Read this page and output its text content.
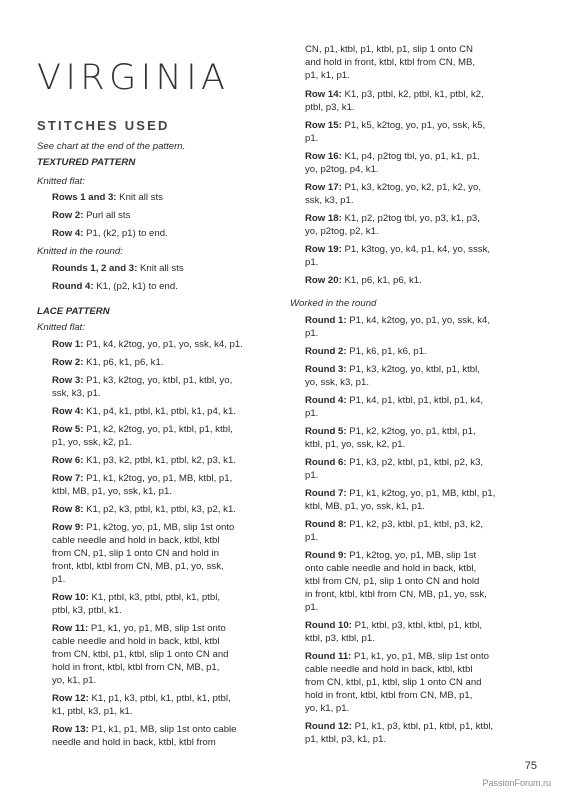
VIRGINIA
STITCHES USED
See chart at the end of the pattern.
TEXTURED PATTERN
Knitted flat:
Rows 1 and 3: Knit all sts
Row 2: Purl all sts
Row 4: P1, (k2, p1) to end.
Knitted in the round:
Rounds 1, 2 and 3: Knit all sts
Round 4: K1, (p2, k1) to end.
LACE PATTERN
Knitted flat:
Row 1: P1, k4, k2tog, yo, p1, yo, ssk, k4, p1.
Row 2: K1, p6, k1, p6, k1.
Row 3: P1, k3, k2tog, yo, ktbl, p1, ktbl, yo,
ssk, k3, p1.
Row 4: K1, p4, k1, ptbl, k1, ptbl, k1, p4, k1.
Row 5: P1, k2, k2tog, yo, p1, ktbl, p1, ktbl,
p1, yo, ssk, k2, p1.
Row 6: K1, p3, k2, ptbl, k1, ptbl, k2, p3, k1.
Row 7: P1, k1, k2tog, yo, p1, MB, ktbl, p1,
ktbl, MB, p1, yo, ssk, k1, p1.
Row 8: K1, p2, k3, ptbl, k1, ptbl, k3, p2, k1.
Row 9: P1, k2tog, yo, p1, MB, slip 1st onto
cable needle and hold in back, ktbl, ktbl
from CN, p1, slip 1 onto CN and hold in
front, ktbl, ktbl from CN, MB, p1, yo, ssk,
p1.
Row 10: K1, ptbl, k3, ptbl, ptbl, k1, ptbl,
ptbl, k3, ptbl, k1.
Row 11: P1, k1, yo, p1, MB, slip 1st onto
cable needle and hold in back, ktbl, ktbl
from CN, ktbl, p1, ktbl, slip 1 onto CN and
hold in front, ktbl, ktbl from CN, MB, p1,
yo, k1, p1.
Row 12: K1, p1, k3, ptbl, k1, ptbl, k1, ptbl,
k1, ptbl, k3, p1, k1.
Row 13: P1, k1, p1, MB, slip 1st onto cable
needle and hold in back, ktbl, ktbl from
CN, p1, ktbl, p1, ktbl, p1, slip 1 onto CN
and hold in front, ktbl, ktbl from CN, MB,
p1, k1, p1.
Row 14: K1, p3, ptbl, k2, ptbl, k1, ptbl, k2,
ptbl, p3, k1.
Row 15: P1, k5, k2tog, yo, p1, yo, ssk, k5,
p1.
Row 16: K1, p4, p2tog tbl, yo, p1, k1, p1,
yo, p2tog, p4, k1.
Row 17: P1, k3, k2tog, yo, k2, p1, k2, yo,
ssk, k3, p1.
Row 18: K1, p2, p2tog tbl, yo, p3, k1, p3,
yo, p2tog, p2, k1.
Row 19: P1, k3tog, yo, k4, p1, k4, yo, sssk,
p1.
Row 20: K1, p6, k1, p6, k1.
Worked in the round
Round 1: P1, k4, k2tog, yo, p1, yo, ssk, k4,
p1.
Round 2: P1, k6, p1, k6, p1.
Round 3: P1, k3, k2tog, yo, ktbl, p1, ktbl,
yo, ssk, k3, p1.
Round 4: P1, k4, p1, ktbl, p1, ktbl, p1, k4,
p1.
Round 5: P1, k2, k2tog, yo, p1, ktbl, p1,
ktbl, p1, yo, ssk, k2, p1.
Round 6: P1, k3, p2, ktbl, p1, ktbl, p2, k3,
p1.
Round 7: P1, k1, k2tog, yo, p1, MB, ktbl, p1,
ktbl, MB, p1, yo, ssk, k1, p1.
Round 8: P1, k2, p3, ktbl, p1, ktbl, p3, k2,
p1.
Round 9: P1, k2tog, yo, p1, MB, slip 1st
onto cable needle and hold in back, ktbl,
ktbl from CN, p1, slip 1 onto CN and hold
in front, ktbl, ktbl from CN, MB, p1, yo, ssk,
p1.
Round 10: P1, ktbl, p3, ktbl, ktbl, p1, ktbl,
ktbl, p3, ktbl, p1.
Round 11: P1, k1, yo, p1, MB, slip 1st onto
cable needle and hold in back, ktbl, ktbl
from CN, ktbl, p1, ktbl, slip 1 onto CN and
hold in front, ktbl, ktbl from CN, MB, p1,
yo, k1, p1.
Round 12: P1, k1, p3, ktbl, p1, ktbl, p1, ktbl,
p1, ktbl, p3, k1, p1.
75
PassionForum.ru
